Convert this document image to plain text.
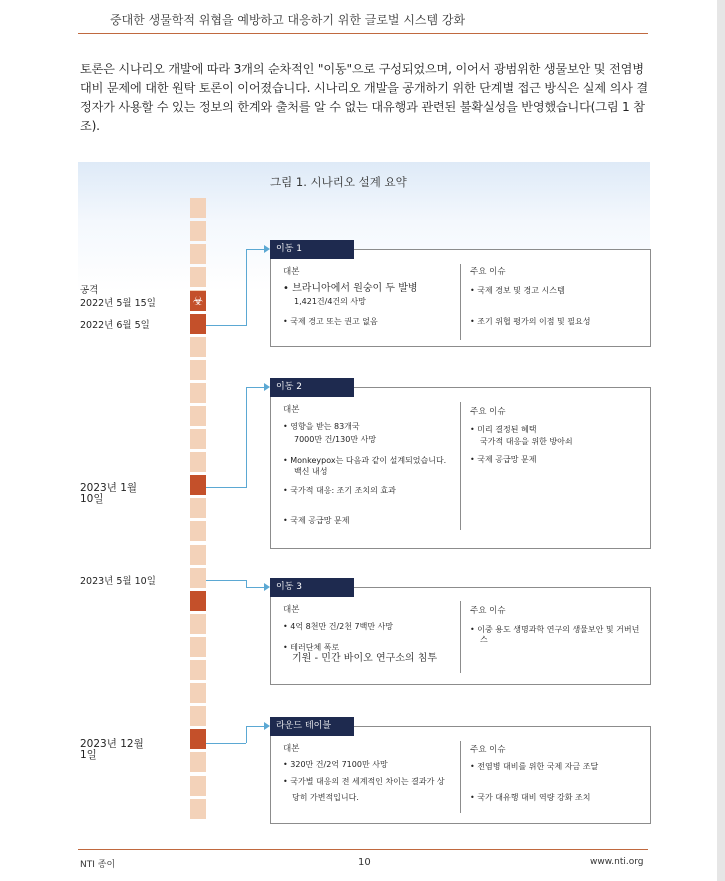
중대한 생물학적 위협을 예방하고 대응하기 위한 글로벌 시스템 강화
토론은 시나리오 개발에 따라 3개의 순차적인 "이동"으로 구성되었으며, 이어서 광범위한 생물보안 및 전염병 대비 문제에 대한 원탁 토론이 이어졌습니다. 시나리오 개발을 공개하기 위한 단계별 접근 방식은 실제 의사 결정자가 사용할 수 있는 정보의 한계와 출처를 알 수 없는 대유행과 관련된 불확실성을 반영했습니다(그림 1 참조).
그림 1. 시나리오 설계 요약
☣
공격
2022년 5월 15일
2022년 6월 5일
2023년 1월 10일
2023년 5월 10일
2023년 12월 1일
이동 1
대본	주요 이슈
• 브라니아에서 원숭이 두 발병
1,421건/4건의 사망
• 국제 경고 또는 권고 없음
• 국제 경보 및 경고 시스템
• 조기 위협 평가의 이점 및 필요성
이동 2
대본	주요 이슈
• 영향을 받는 83개국
7000만 건/130만 사망
• Monkeypox는 다음과 같이 설계되었습니다.
백신 내성
• 국가적 대응: 조기 조치의 효과
• 국제 공급망 문제
• 미리 결정된 혜택
국가적 대응을 위한 방아쇠
• 국제 공급망 문제
이동 3
대본	주요 이슈
• 4억 8천만 건/2천 7백만 사망
• 테러단체 폭로
기원 - 민간 바이오 연구소의 침투
• 이중 용도 생명과학 연구의 생물보안 및 거버넌
스
라운드 테이블
대본	주요 이슈
• 320만 건/2억 7100만 사망
• 국가별 대응의 전 세계적인 차이는 결과가 상
당히 가변적입니다.
• 전염병 대비를 위한 국제 자금 조달
• 국가 대유행 대비 역량 강화 조치
NTI 종이	10	www.nti.org
